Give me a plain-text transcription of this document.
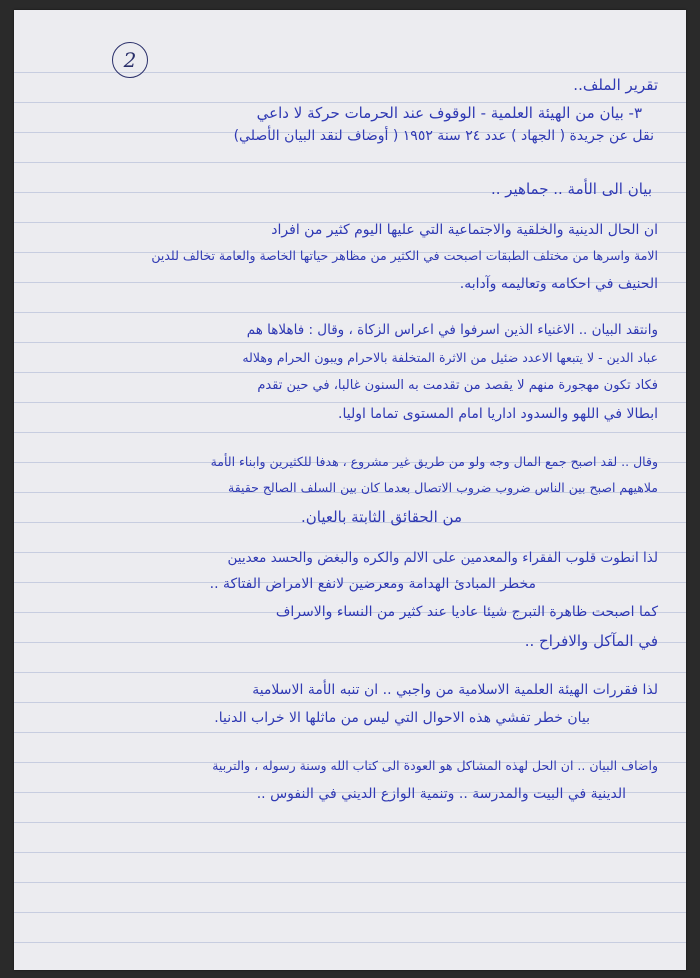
2
تقرير الملف..
٣- بيان من الهيئة العلمية - الوقوف عند الحرمات حركة لا داعي
نقل عن جريدة ( الجهاد ) عدد ٢٤ سنة ١٩٥٢ ( أوضاف لنقد البيان الأصلي)
بيان الى الأمة .. جماهير ..
ان الحال الدينية والخلقية والاجتماعية التي عليها اليوم كثير من افراد
الامة واسرها من مختلف الطبقات اصبحت في الكثير من مظاهر حياتها الخاصة والعامة تخالف للدين
الحنيف في احكامه وتعاليمه وآدابه.
وانتقد البيان .. الاغنياء الذين اسرفوا في اعراس الزكاة ، وقال : فاهلاها هم
عباد الدين - لا يتبعها الاعدد ضئيل من الاثرة المتخلفة بالاحرام ويبون الحرام وهلاله
فكاد تكون مهجورة منهم لا يقصد من تقدمت به السنون غالبا، في حين تقدم
ابطالا في اللهو والسدود اداريا امام المستوى تماما اوليا.
وقال .. لقد اصبح جمع المال وجه ولو من طريق غير مشروع ، هدفا للكثيرين وابناء الأمة
ملاهيهم اصبح بين الناس ضروب ضروب الاتصال بعدما كان بين السلف الصالح حقيقة
من الحقائق الثابتة بالعيان.
لذا انطوت قلوب الفقراء والمعدمين على الالم والكره والبغض والحسد معديين
مخطر المبادئ الهدامة ومعرضين لانفع الامراض الفتاكة ..
كما اصبحت ظاهرة التبرج شيئا عاديا عند كثير من النساء والاسراف
في المآكل والافراح ..
لذا فقررات الهيئة العلمية الاسلامية من واجبي .. ان تنبه الأمة الاسلامية
بيان خطر تفشي هذه الاحوال التي ليس من ماثلها الا خراب الدنيا.
واضاف البيان .. ان الحل لهذه المشاكل هو العودة الى كتاب الله وسنة رسوله ، والتربية
الدينية في البيت والمدرسة .. وتنمية الوازع الديني في النفوس ..
